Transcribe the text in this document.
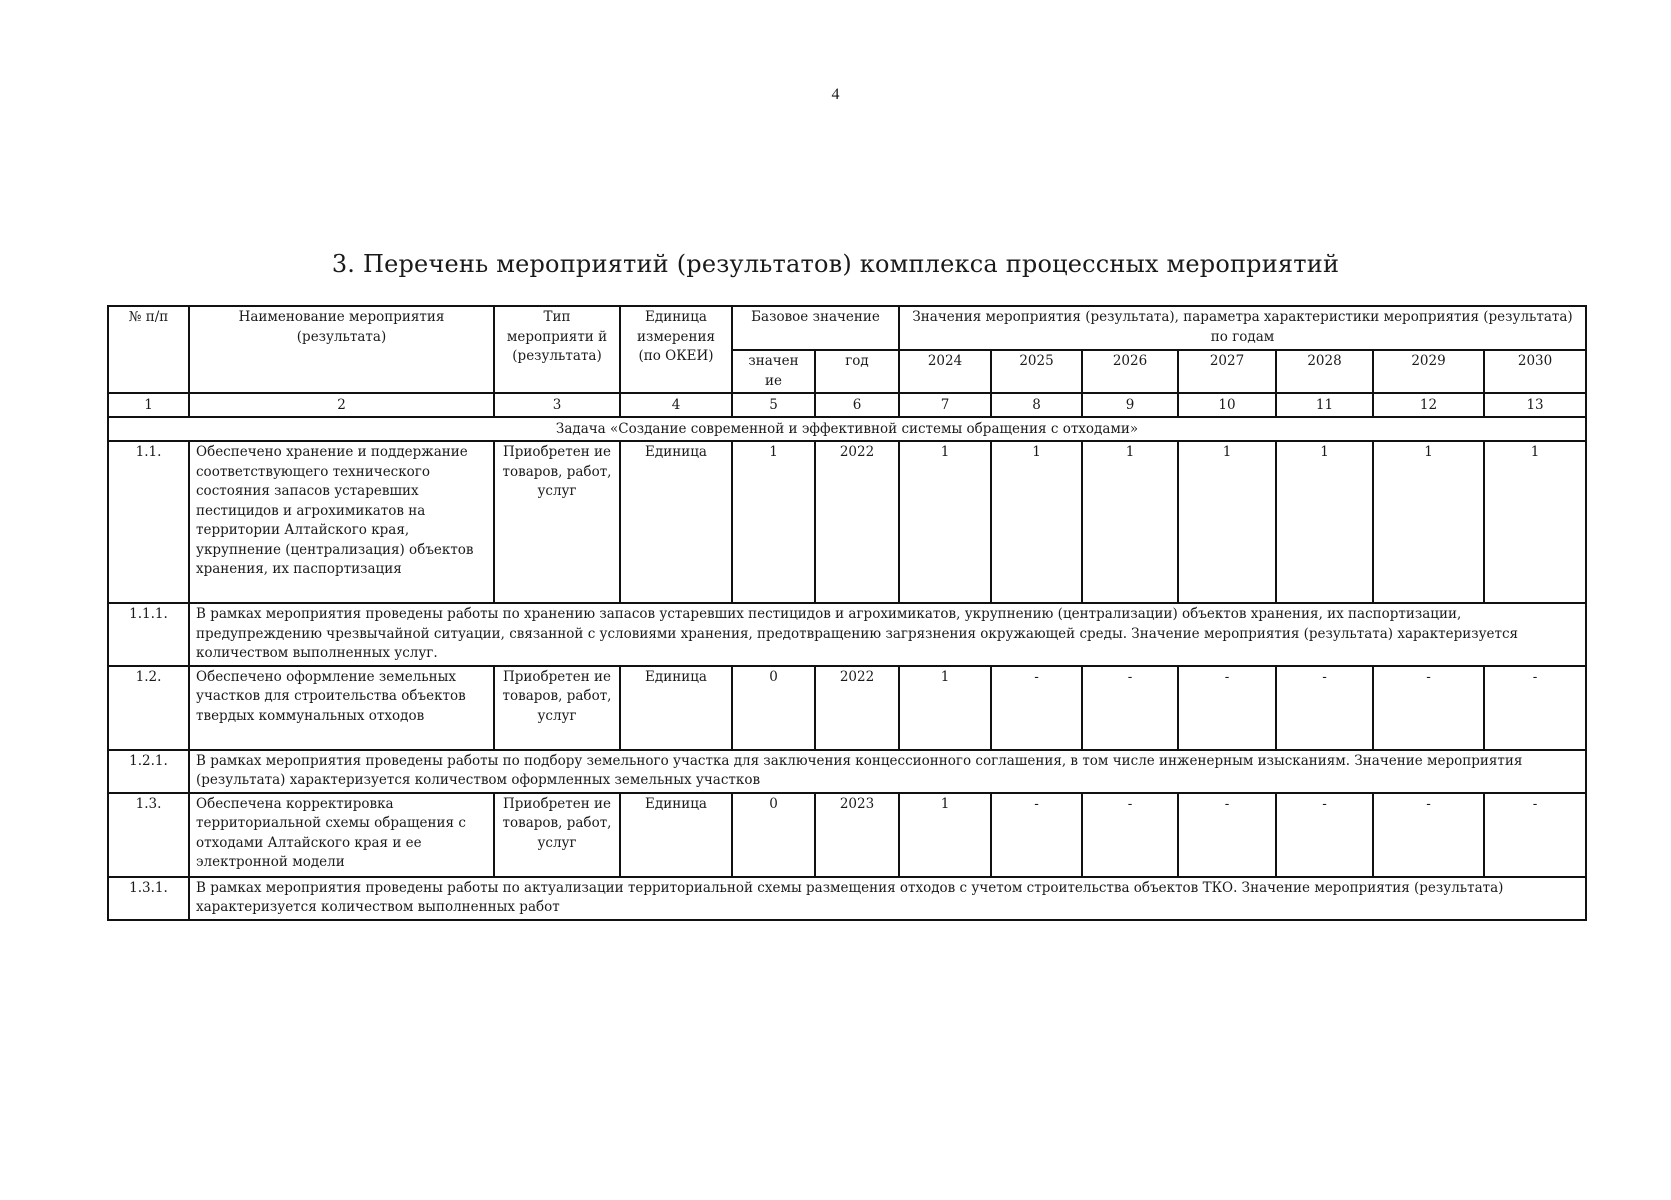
4
3. Перечень мероприятий (результатов) комплекса процессных мероприятий
№ п/п	Наименование мероприятия (результата)	Тип мероприяти й (результата)	Единица измерения (по ОКЕИ)	Базовое значение		Значения мероприятия (результата), параметра характеристики мероприятия (результата) по годам						
				значен ие	год	2024	2025	2026	2027	2028	2029	2030
1	2	3	4	5	6	7	8	9	10	11	12	13
Задача «Создание современной и эффективной системы обращения с отходами»												
1.1.	Обеспечено хранение и поддержание соответствующего технического состояния запасов устаревших пестицидов и агрохимикатов на территории Алтайского края, укрупнение (централизация) объектов хранения, их паспортизация	Приобретен ие товаров, работ, услуг	Единица	1	2022	1	1	1	1	1	1	1
1.1.1.	В рамках мероприятия проведены работы по хранению запасов устаревших пестицидов и агрохимикатов, укрупнению (централизации) объектов хранения, их паспортизации, предупреждению чрезвычайной ситуации, связанной с условиями хранения, предотвращению загрязнения окружающей среды. Значение мероприятия (результата) характеризуется количеством выполненных услуг.											
1.2.	Обеспечено оформление земельных участков для строительства объектов твердых коммунальных отходов	Приобретен ие товаров, работ, услуг	Единица	0	2022	1	-	-	-	-	-	-
1.2.1.	В рамках мероприятия проведены работы по подбору земельного участка для заключения концессионного соглашения, в том числе инженерным изысканиям. Значение мероприятия (результата) характеризуется количеством оформленных земельных участков											
1.3.	Обеспечена корректировка территориальной схемы обращения с отходами Алтайского края и ее электронной модели	Приобретен ие товаров, работ, услуг	Единица	0	2023	1	-	-	-	-	-	-
1.3.1.	В рамках мероприятия проведены работы по актуализации территориальной схемы размещения отходов с учетом строительства объектов ТКО. Значение мероприятия (результата) характеризуется количеством выполненных работ											
